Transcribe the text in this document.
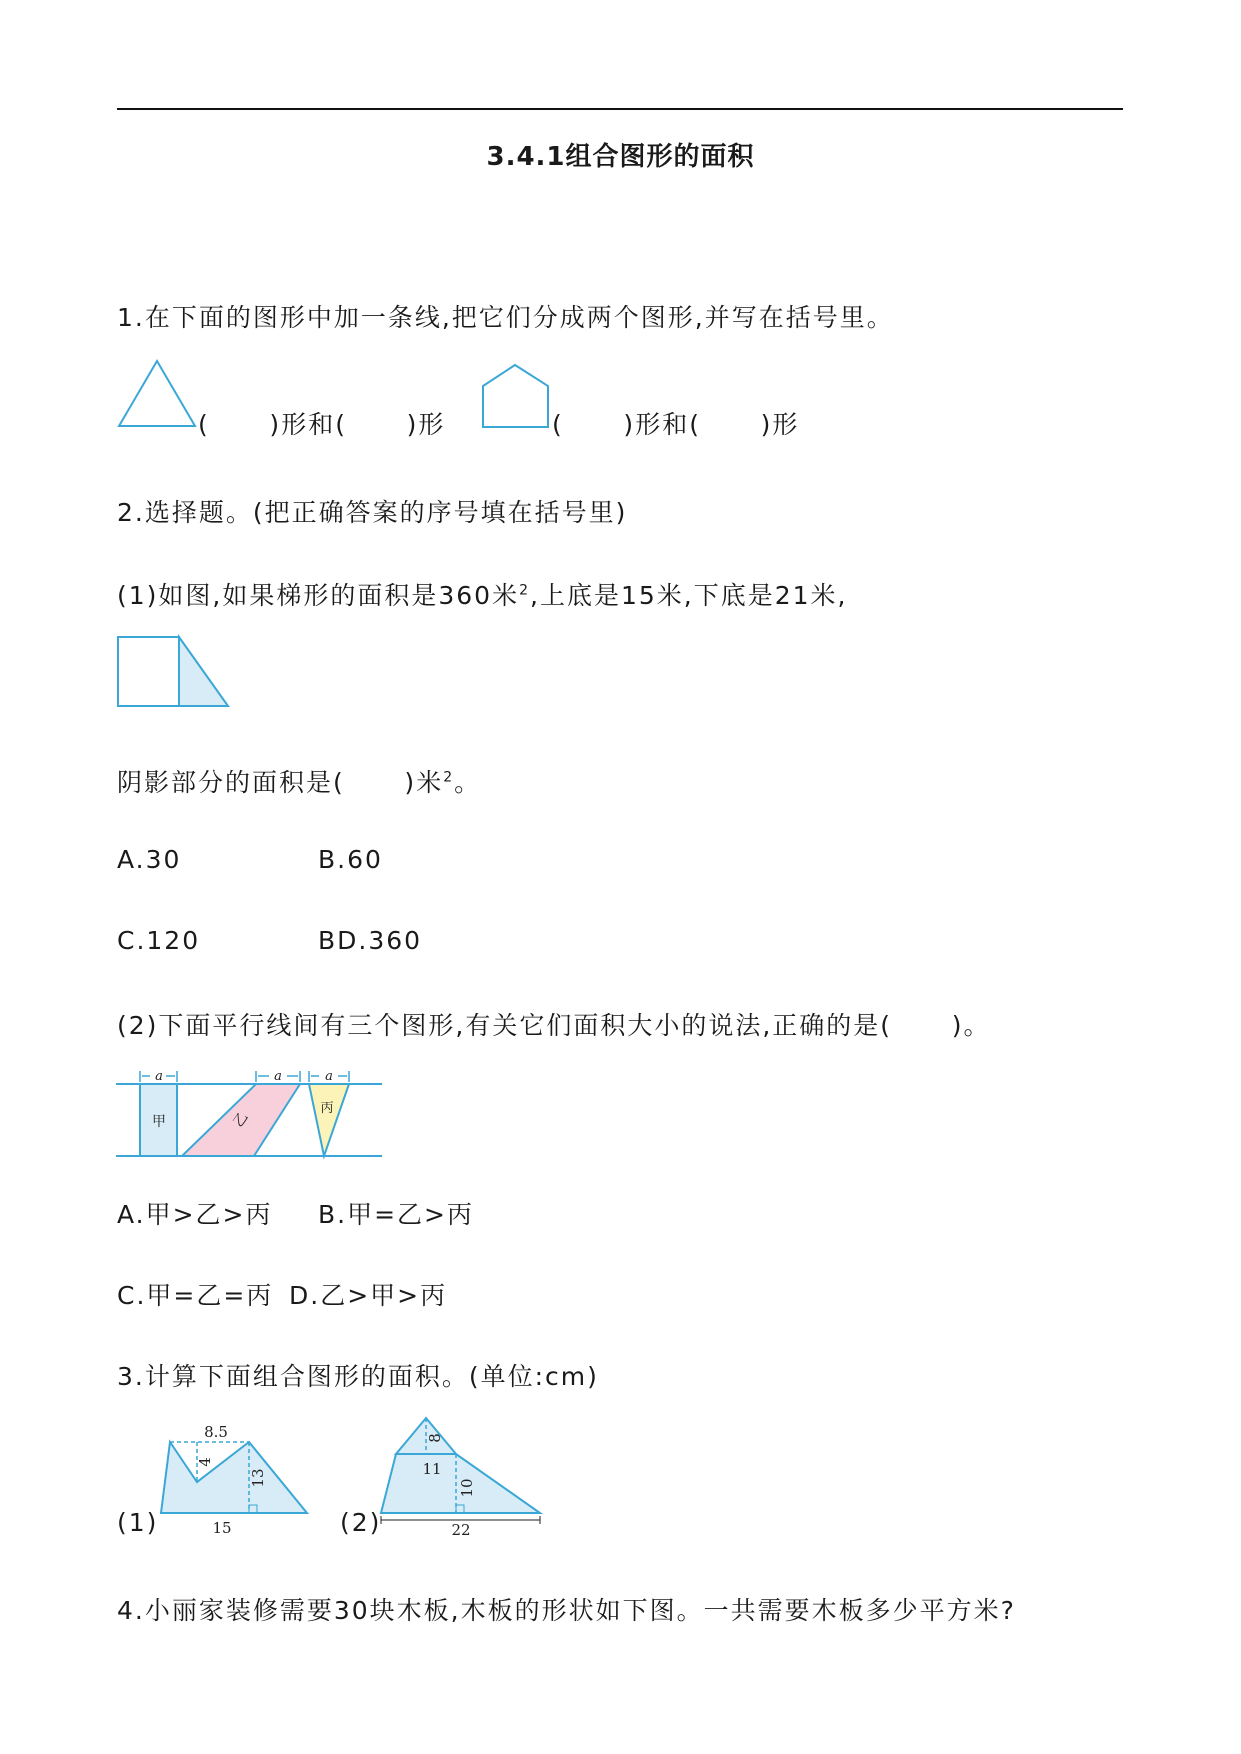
3.4.1组合图形的面积
1.在下面的图形中加一条线,把它们分成两个图形,并写在括号里。
(      )形和(      )形	(      )形和(      )形
2.选择题。(把正确答案的序号填在括号里)
(1)如图,如果梯形的面积是360米$^2$,上底是15米,下底是21米,
阴影部分的面积是(      )米$^2$。
A.30	B.60
C.120	BD.360
(2)下面平行线间有三个图形,有关它们面积大小的说法,正确的是(      )。
a	a	a
甲	乙
丙
A.甲>乙>丙 B.甲=乙>丙
C.甲=乙=丙 D.乙>甲>丙
3.计算下面组合图形的面积。(单位:cm)
(1)
8.5
4
13
15	(2)
8
11
10
22
4.小丽家装修需要30块木板,木板的形状如下图。一共需要木板多少平方米?
